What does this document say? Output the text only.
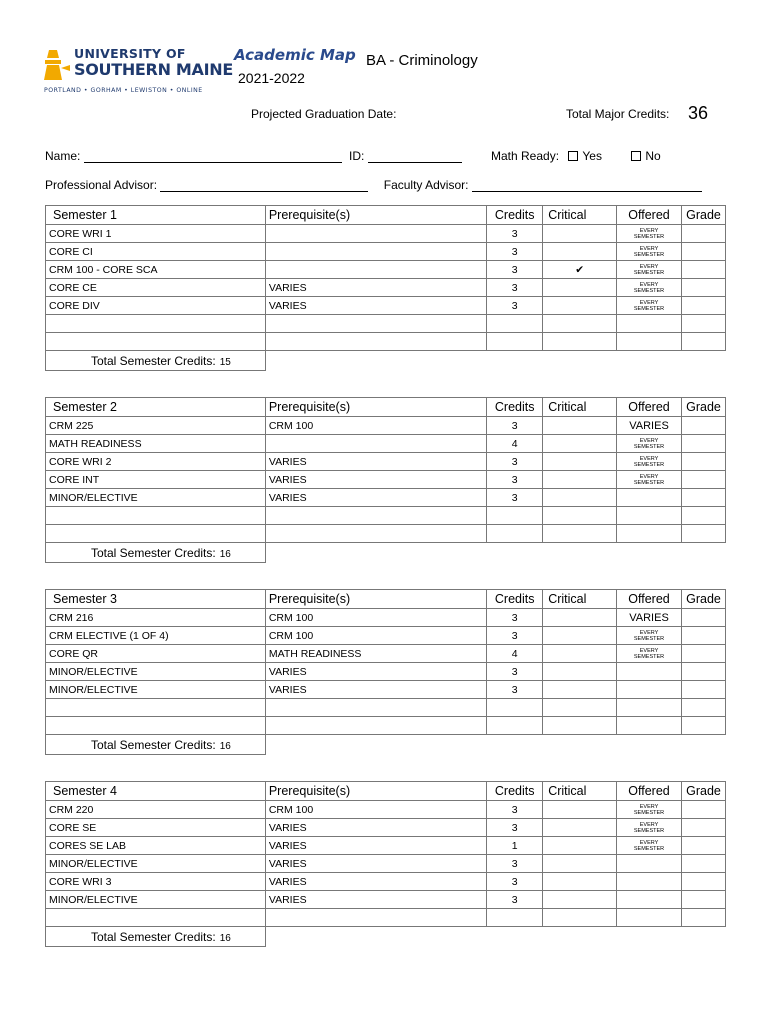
UNIVERSITY OF
SOUTHERN MAINE
PORTLAND • GORHAM • LEWISTON • ONLINE
Academic Map
2021-2022
BA - Criminology
Projected Graduation Date:	Total Major Credits: 36
Name:	ID:	Math Ready: Yes	No
Professional Advisor:	Faculty Advisor:
Semester 1	Prerequisite(s)	Credits	Critical	Offered	Grade
CORE WRI 1		3		EVERY
SEMESTER	

CORE CI		3		EVERY
SEMESTER	

CRM 100 - CORE SCA		3	✔	EVERY
SEMESTER	

CORE CE	VARIES	3		EVERY
SEMESTER	

CORE DIV	VARIES	3		EVERY
SEMESTER	

Total Semester Credits: 15					
Semester 2	Prerequisite(s)	Credits	Critical	Offered	Grade
CRM 225	CRM 100	3		VARIES	
MATH READINESS		4		EVERY
SEMESTER	

CORE WRI 2	VARIES	3		EVERY
SEMESTER	

CORE INT	VARIES	3		EVERY
SEMESTER	

MINOR/ELECTIVE	VARIES	3			

Total Semester Credits: 16					
Semester 3	Prerequisite(s)	Credits	Critical	Offered	Grade
CRM 216	CRM 100	3		VARIES	
CRM ELECTIVE (1 OF 4)	CRM 100	3		EVERY
SEMESTER	

CORE QR	MATH READINESS	4		EVERY
SEMESTER	

MINOR/ELECTIVE	VARIES	3			
MINOR/ELECTIVE	VARIES	3			

Total Semester Credits: 16					
Semester 4	Prerequisite(s)	Credits	Critical	Offered	Grade
CRM 220	CRM 100	3		EVERY
SEMESTER	

CORE SE	VARIES	3		EVERY
SEMESTER	

CORES SE LAB	VARIES	1		EVERY
SEMESTER	

MINOR/ELECTIVE	VARIES	3			
CORE WRI 3	VARIES	3			
MINOR/ELECTIVE	VARIES	3			

Total Semester Credits: 16					
